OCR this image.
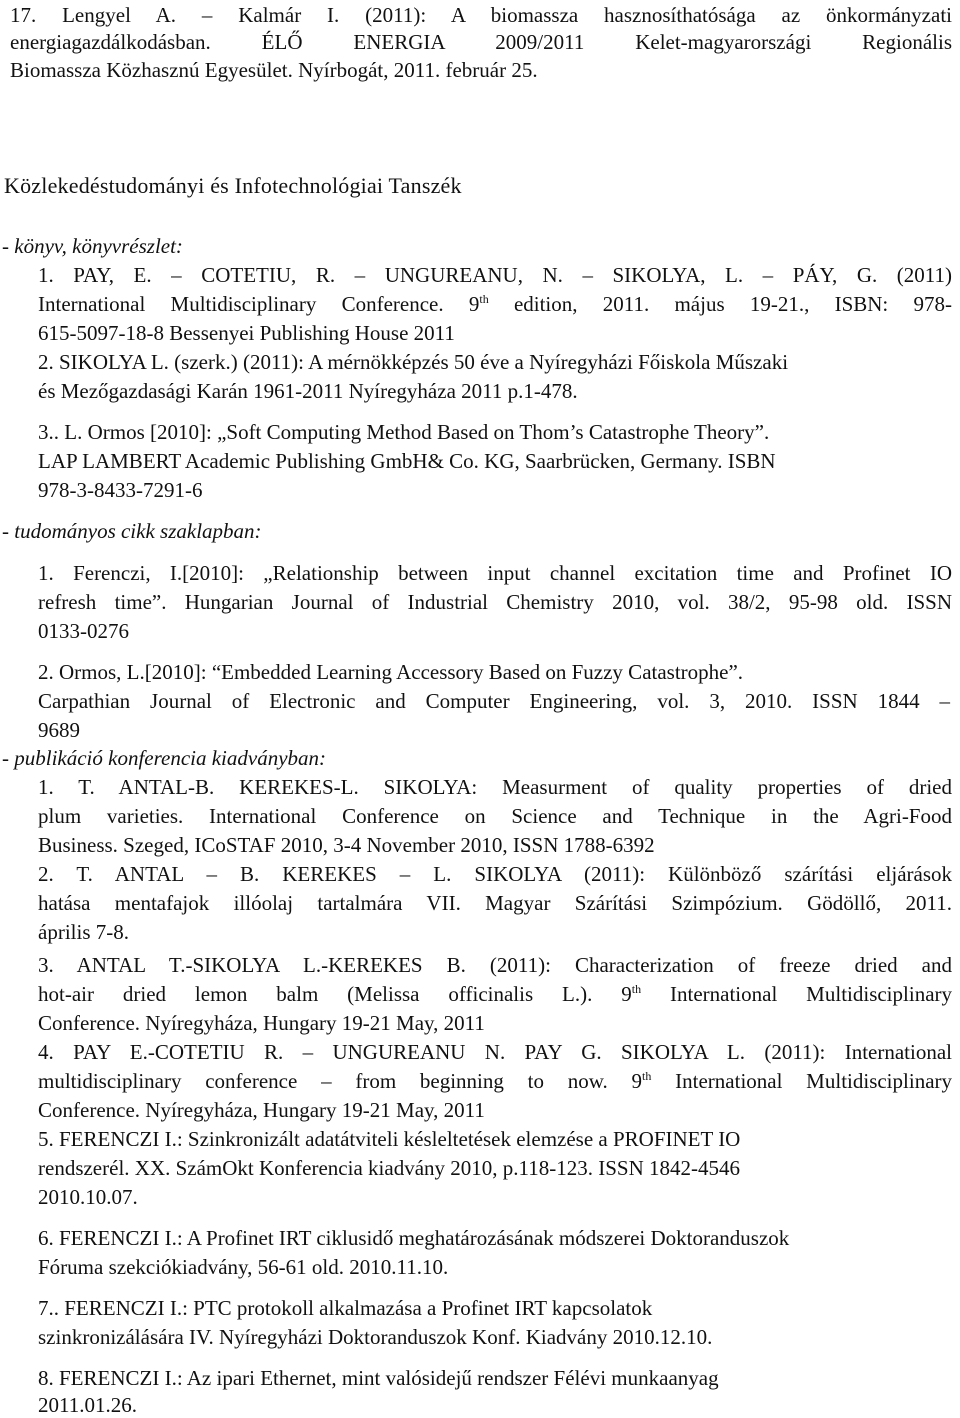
17. Lengyel A. – Kalmár I. (2011): A biomassza hasznosíthatósága az önkormányzati
energiagazdálkodásban. ÉLŐ ENERGIA 2009/2011 Kelet-magyarországi Regionális
Biomassza Közhasznú Egyesület. Nyírbogát, 2011. február 25.
Közlekedéstudományi és Infotechnológiai Tanszék
- könyv, könyvrészlet:
1. PAY, E. – COTETIU, R. – UNGUREANU, N. – SIKOLYA, L. – PÁY, G. (2011)
International Multidisciplinary Conference. 9th edition, 2011. május 19-21., ISBN: 978-
615-5097-18-8 Bessenyei Publishing House 2011
2. SIKOLYA L. (szerk.) (2011): A mérnökképzés 50 éve a Nyíregyházi Főiskola Műszaki
és Mezőgazdasági Karán 1961-2011 Nyíregyháza 2011 p.1-478.
3.. L. Ormos [2010]: „Soft Computing Method Based on Thom’s Catastrophe Theory”.
LAP LAMBERT Academic Publishing GmbH& Co. KG, Saarbrücken, Germany. ISBN
978-3-8433-7291-6
- tudományos cikk szaklapban:
1. Ferenczi, I.[2010]: „Relationship between input channel excitation time and Profinet IO
refresh time”. Hungarian Journal of Industrial Chemistry 2010, vol. 38/2, 95-98 old. ISSN
0133-0276
2. Ormos, L.[2010]: “Embedded Learning Accessory Based on Fuzzy Catastrophe”.
Carpathian Journal of Electronic and Computer Engineering, vol. 3, 2010. ISSN 1844 –
9689
- publikáció konferencia kiadványban:
1. T. ANTAL-B. KEREKES-L. SIKOLYA: Measurment of quality properties of dried
plum varieties. International Conference on Science and Technique in the Agri-Food
Business. Szeged, ICoSTAF 2010, 3-4 November 2010, ISSN 1788-6392
2. T. ANTAL – B. KEREKES – L. SIKOLYA (2011): Különböző szárítási eljárások
hatása mentafajok illóolaj tartalmára VII. Magyar Szárítási Szimpózium. Gödöllő, 2011.
április 7-8.
3. ANTAL T.-SIKOLYA L.-KEREKES B. (2011): Characterization of freeze dried and
hot-air dried lemon balm (Melissa officinalis L.). 9th International Multidisciplinary
Conference. Nyíregyháza, Hungary 19-21 May, 2011
4. PAY E.-COTETIU R. – UNGUREANU N. PAY G. SIKOLYA L. (2011): International
multidisciplinary conference – from beginning to now. 9th International Multidisciplinary
Conference. Nyíregyháza, Hungary 19-21 May, 2011
5. FERENCZI I.: Szinkronizált adatátviteli késleltetések elemzése a PROFINET IO
rendszerél. XX. SzámOkt Konferencia kiadvány 2010, p.118-123. ISSN 1842-4546
2010.10.07.
6. FERENCZI I.: A Profinet IRT ciklusidő meghatározásának módszerei Doktoranduszok
Fóruma szekciókiadvány, 56-61 old. 2010.11.10.
7.. FERENCZI I.: PTC protokoll alkalmazása a Profinet IRT kapcsolatok
szinkronizálására IV. Nyíregyházi Doktoranduszok Konf. Kiadvány 2010.12.10.
8. FERENCZI I.: Az ipari Ethernet, mint valósidejű rendszer Félévi munkaanyag
2011.01.26.
